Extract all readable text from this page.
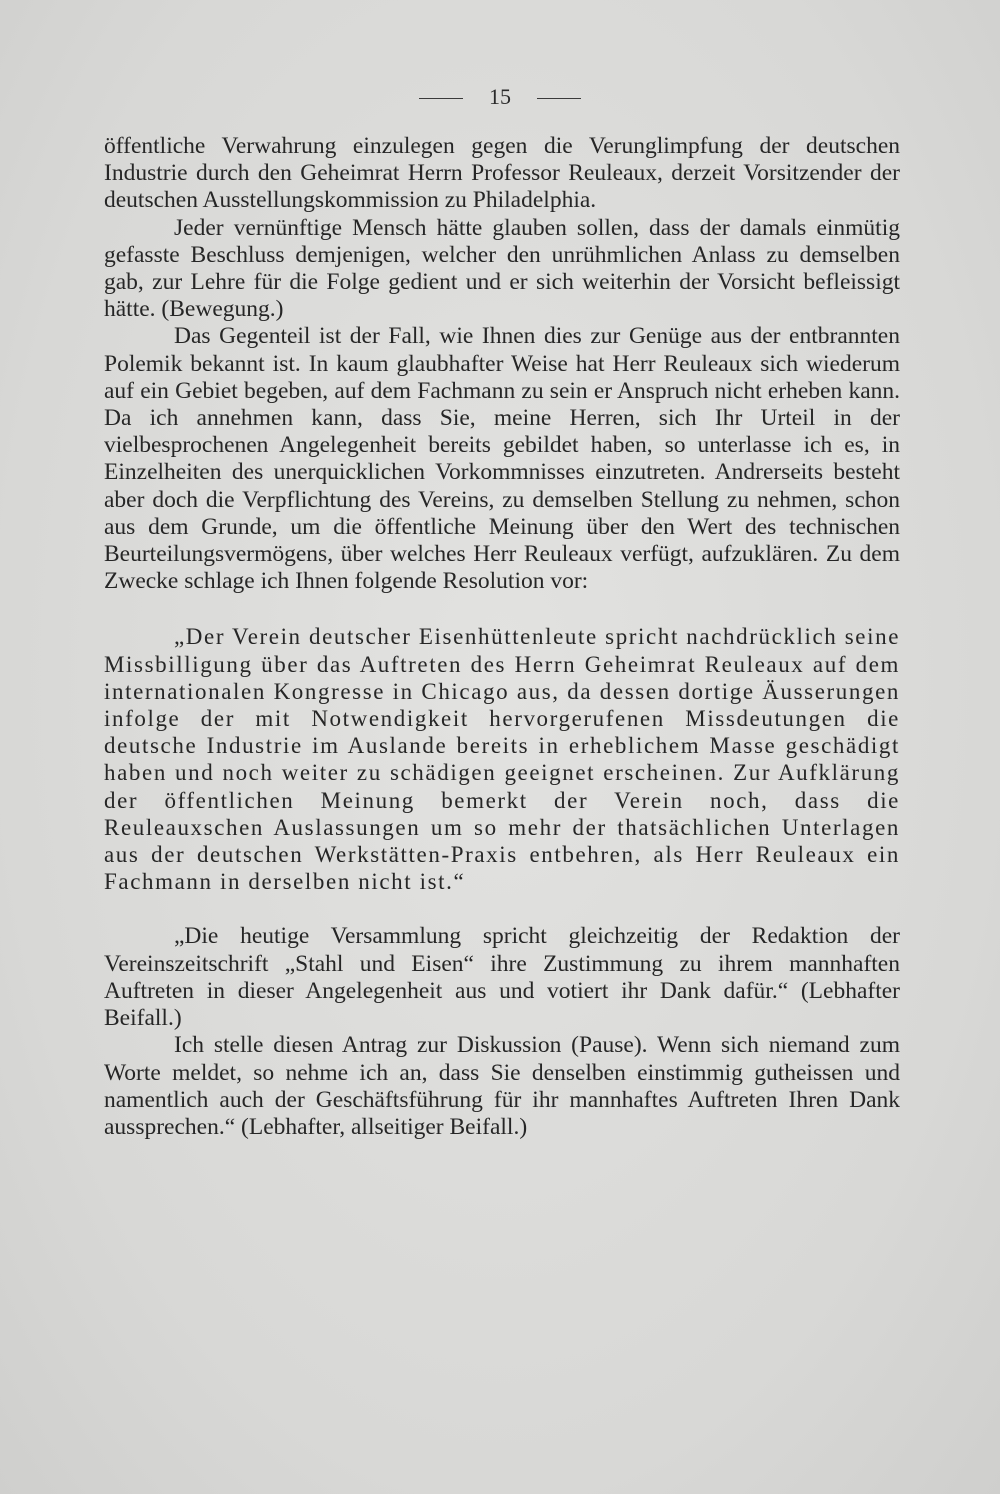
15

öffentliche Verwahrung einzulegen gegen die Verunglimpfung der deutschen Industrie durch den Geheimrat Herrn Professor Reuleaux, derzeit Vorsitzender der deutschen Ausstellungskommission zu Philadelphia.

Jeder vernünftige Mensch hätte glauben sollen, dass der damals einmütig gefasste Beschluss demjenigen, welcher den unrühmlichen Anlass zu demselben gab, zur Lehre für die Folge gedient und er sich weiterhin der Vorsicht befleissigt hätte. (Bewegung.)

Das Gegenteil ist der Fall, wie Ihnen dies zur Genüge aus der entbrannten Polemik bekannt ist. In kaum glaubhafter Weise hat Herr Reuleaux sich wiederum auf ein Gebiet begeben, auf dem Fachmann zu sein er Anspruch nicht erheben kann. Da ich annehmen kann, dass Sie, meine Herren, sich Ihr Urteil in der vielbesprochenen Angelegenheit bereits gebildet haben, so unterlasse ich es, in Einzelheiten des unerquicklichen Vorkommnisses einzutreten. Andrerseits besteht aber doch die Verpflichtung des Vereins, zu demselben Stellung zu nehmen, schon aus dem Grunde, um die öffentliche Meinung über den Wert des technischen Beurteilungsvermögens, über welches Herr Reuleaux verfügt, aufzuklären. Zu dem Zwecke schlage ich Ihnen folgende Resolution vor:

„Der Verein deutscher Eisenhüttenleute spricht nachdrücklich seine Missbilligung über das Auftreten des Herrn Geheimrat Reuleaux auf dem internationalen Kongresse in Chicago aus, da dessen dortige Äusserungen infolge der mit Notwendigkeit hervorgerufenen Missdeutungen die deutsche Industrie im Auslande bereits in erheblichem Masse geschädigt haben und noch weiter zu schädigen geeignet erscheinen. Zur Aufklärung der öffentlichen Meinung bemerkt der Verein noch, dass die Reuleauxschen Auslassungen um so mehr der thatsächlichen Unterlagen aus der deutschen Werkstätten-Praxis entbehren, als Herr Reuleaux ein Fachmann in derselben nicht ist.“

„Die heutige Versammlung spricht gleichzeitig der Redaktion der Vereinszeitschrift „Stahl und Eisen“ ihre Zustimmung zu ihrem mannhaften Auftreten in dieser Angelegenheit aus und votiert ihr Dank dafür.“ (Lebhafter Beifall.)

Ich stelle diesen Antrag zur Diskussion (Pause). Wenn sich niemand zum Worte meldet, so nehme ich an, dass Sie denselben einstimmig gutheissen und namentlich auch der Geschäftsführung für ihr mannhaftes Auftreten Ihren Dank aussprechen.“ (Lebhafter, allseitiger Beifall.)
